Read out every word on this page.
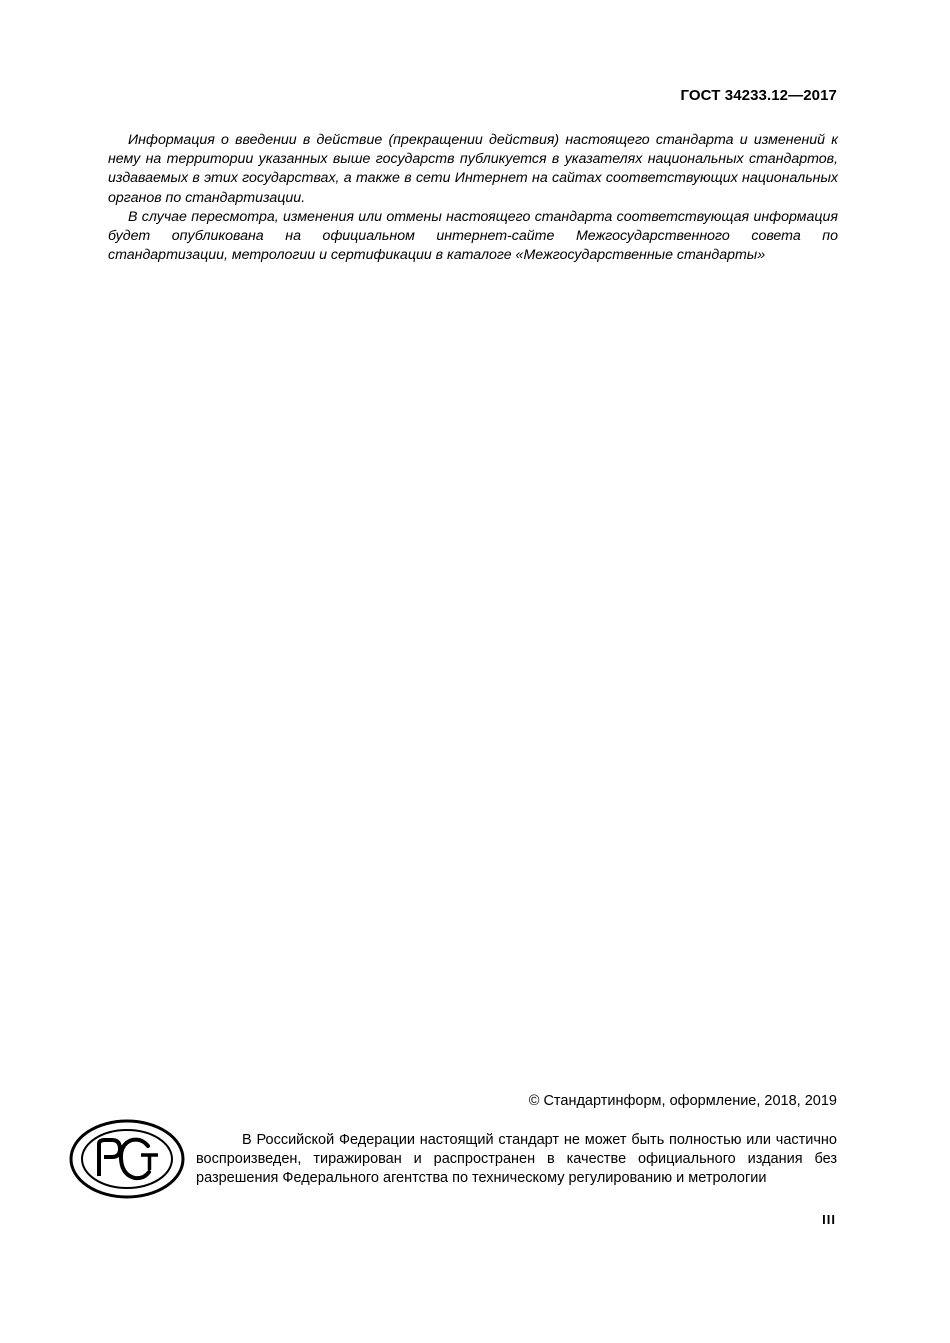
ГОСТ 34233.12—2017

Информация о введении в действие (прекращении действия) настоящего стандарта и изменений к нему на территории указанных выше государств публикуется в указателях национальных стандартов, издаваемых в этих государствах, а также в сети Интернет на сайтах соответствующих национальных органов по стандартизации.

В случае пересмотра, изменения или отмены настоящего стандарта соответствующая информация будет опубликована на официальном интернет-сайте Межгосударственного совета по стандартизации, метрологии и сертификации в каталоге «Межгосударственные стандарты»

© Стандартинформ, оформление, 2018, 2019

В Российской Федерации настоящий стандарт не может быть полностью или частично воспроизведен, тиражирован и распространен в качестве официального издания без разрешения Федерального агентства по техническому регулированию и метрологии

III
